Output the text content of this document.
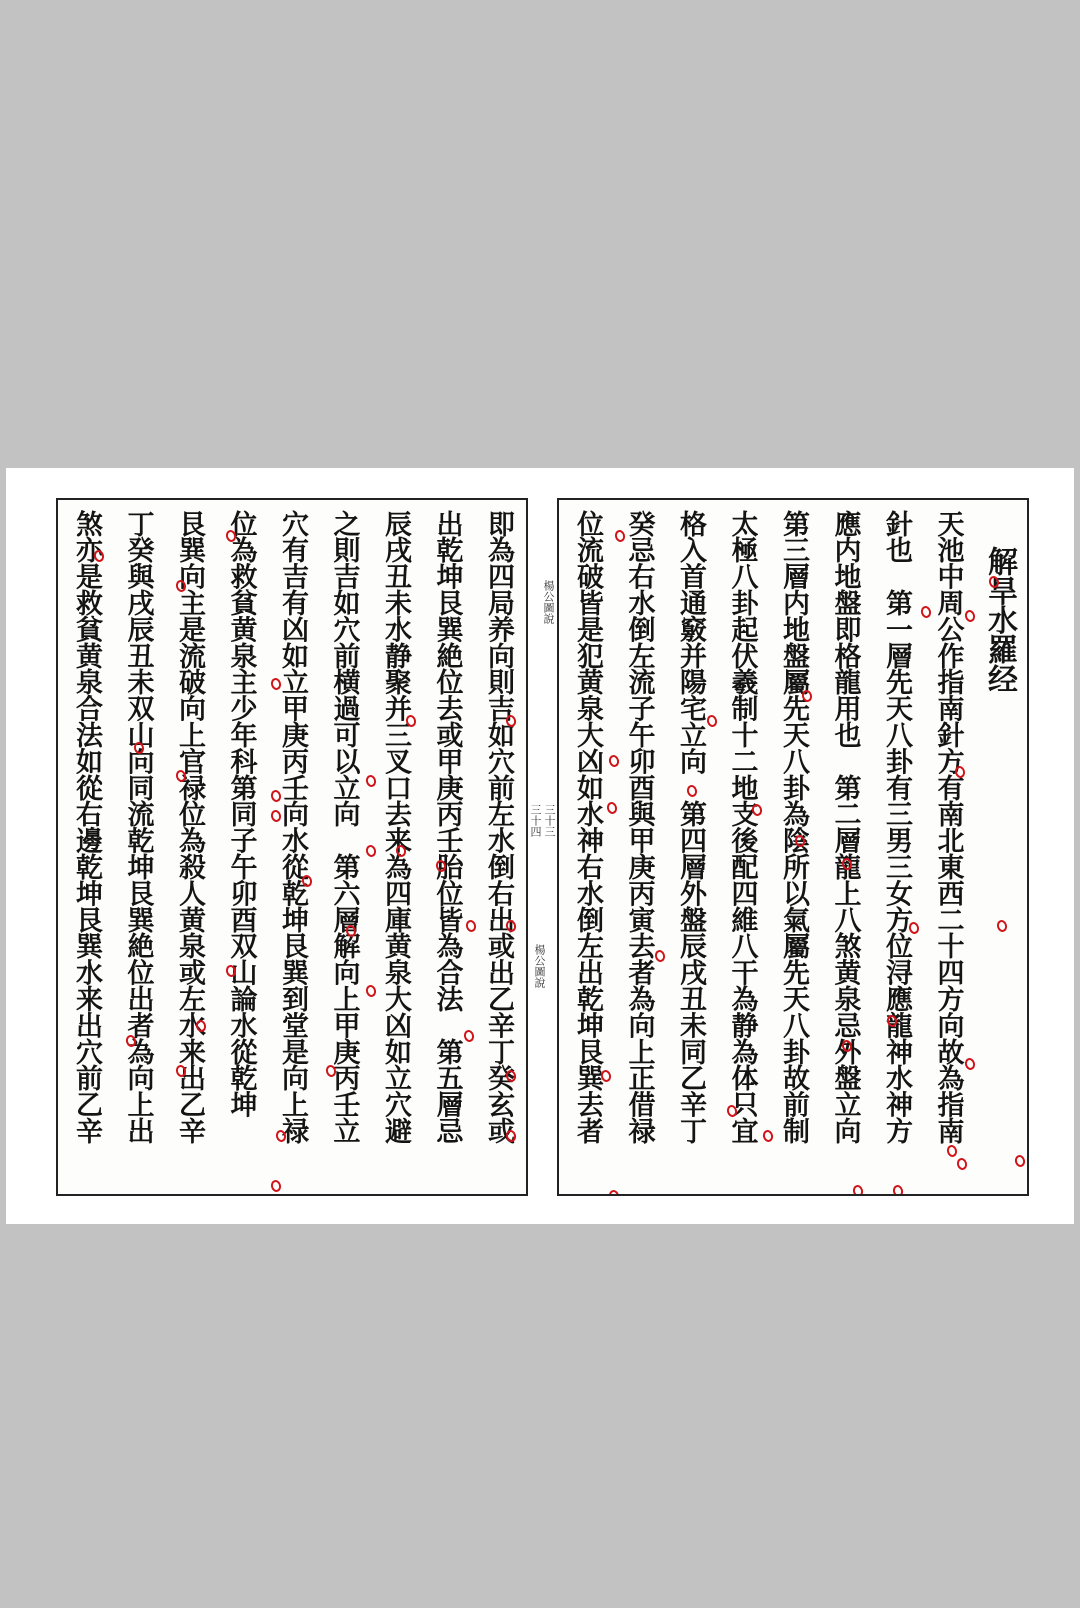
即為四局养向則吉如穴前左水倒右出或出乙辛丁癸玄或
出乾坤艮巽絶位去或甲庚丙壬胎位皆為合法　第五層忌
辰戌丑未水静聚并三叉口去来為四庫黄泉大凶如立穴避
之則吉如穴前横過可以立向　第六層解向上甲庚丙壬立
穴有吉有凶如立甲庚丙壬向水從乾坤艮巽到堂是向上禄
位為救貧黄泉主少年科第同子午卯酉双山論水從乾坤
艮巽向主是流破向上官禄位為殺人黄泉或左水来出乙辛
丁癸與戌辰丑未双山向同流乾坤艮巽絶位出者為向上出
煞亦是救貧黄泉合法如從右邊乾坤艮巽水来出穴前乙辛	楊公圖說
三十三
三十四
楊公圖說
解旱水羅经
天池中周公作指南針方有南北東西二十四方向故為指南
針也　第一層先天八卦有三男三女方位浔應龍神水神方
應内地盤即格龍用也　第二層龍上八煞黄泉忌外盤立向
第三層内地盤屬先天八卦為陰所以氣屬先天八卦故前制
太極八卦起伏羲制十二地支後配四維八干為静為体只宜
格入首通竅并陽宅立向　第四層外盤辰戌丑未同乙辛丁
癸忌右水倒左流子午卯酉與甲庚丙寅去者為向上正借禄
位流破皆是犯黄泉大凶如水神右水倒左出乾坤艮巽去者
